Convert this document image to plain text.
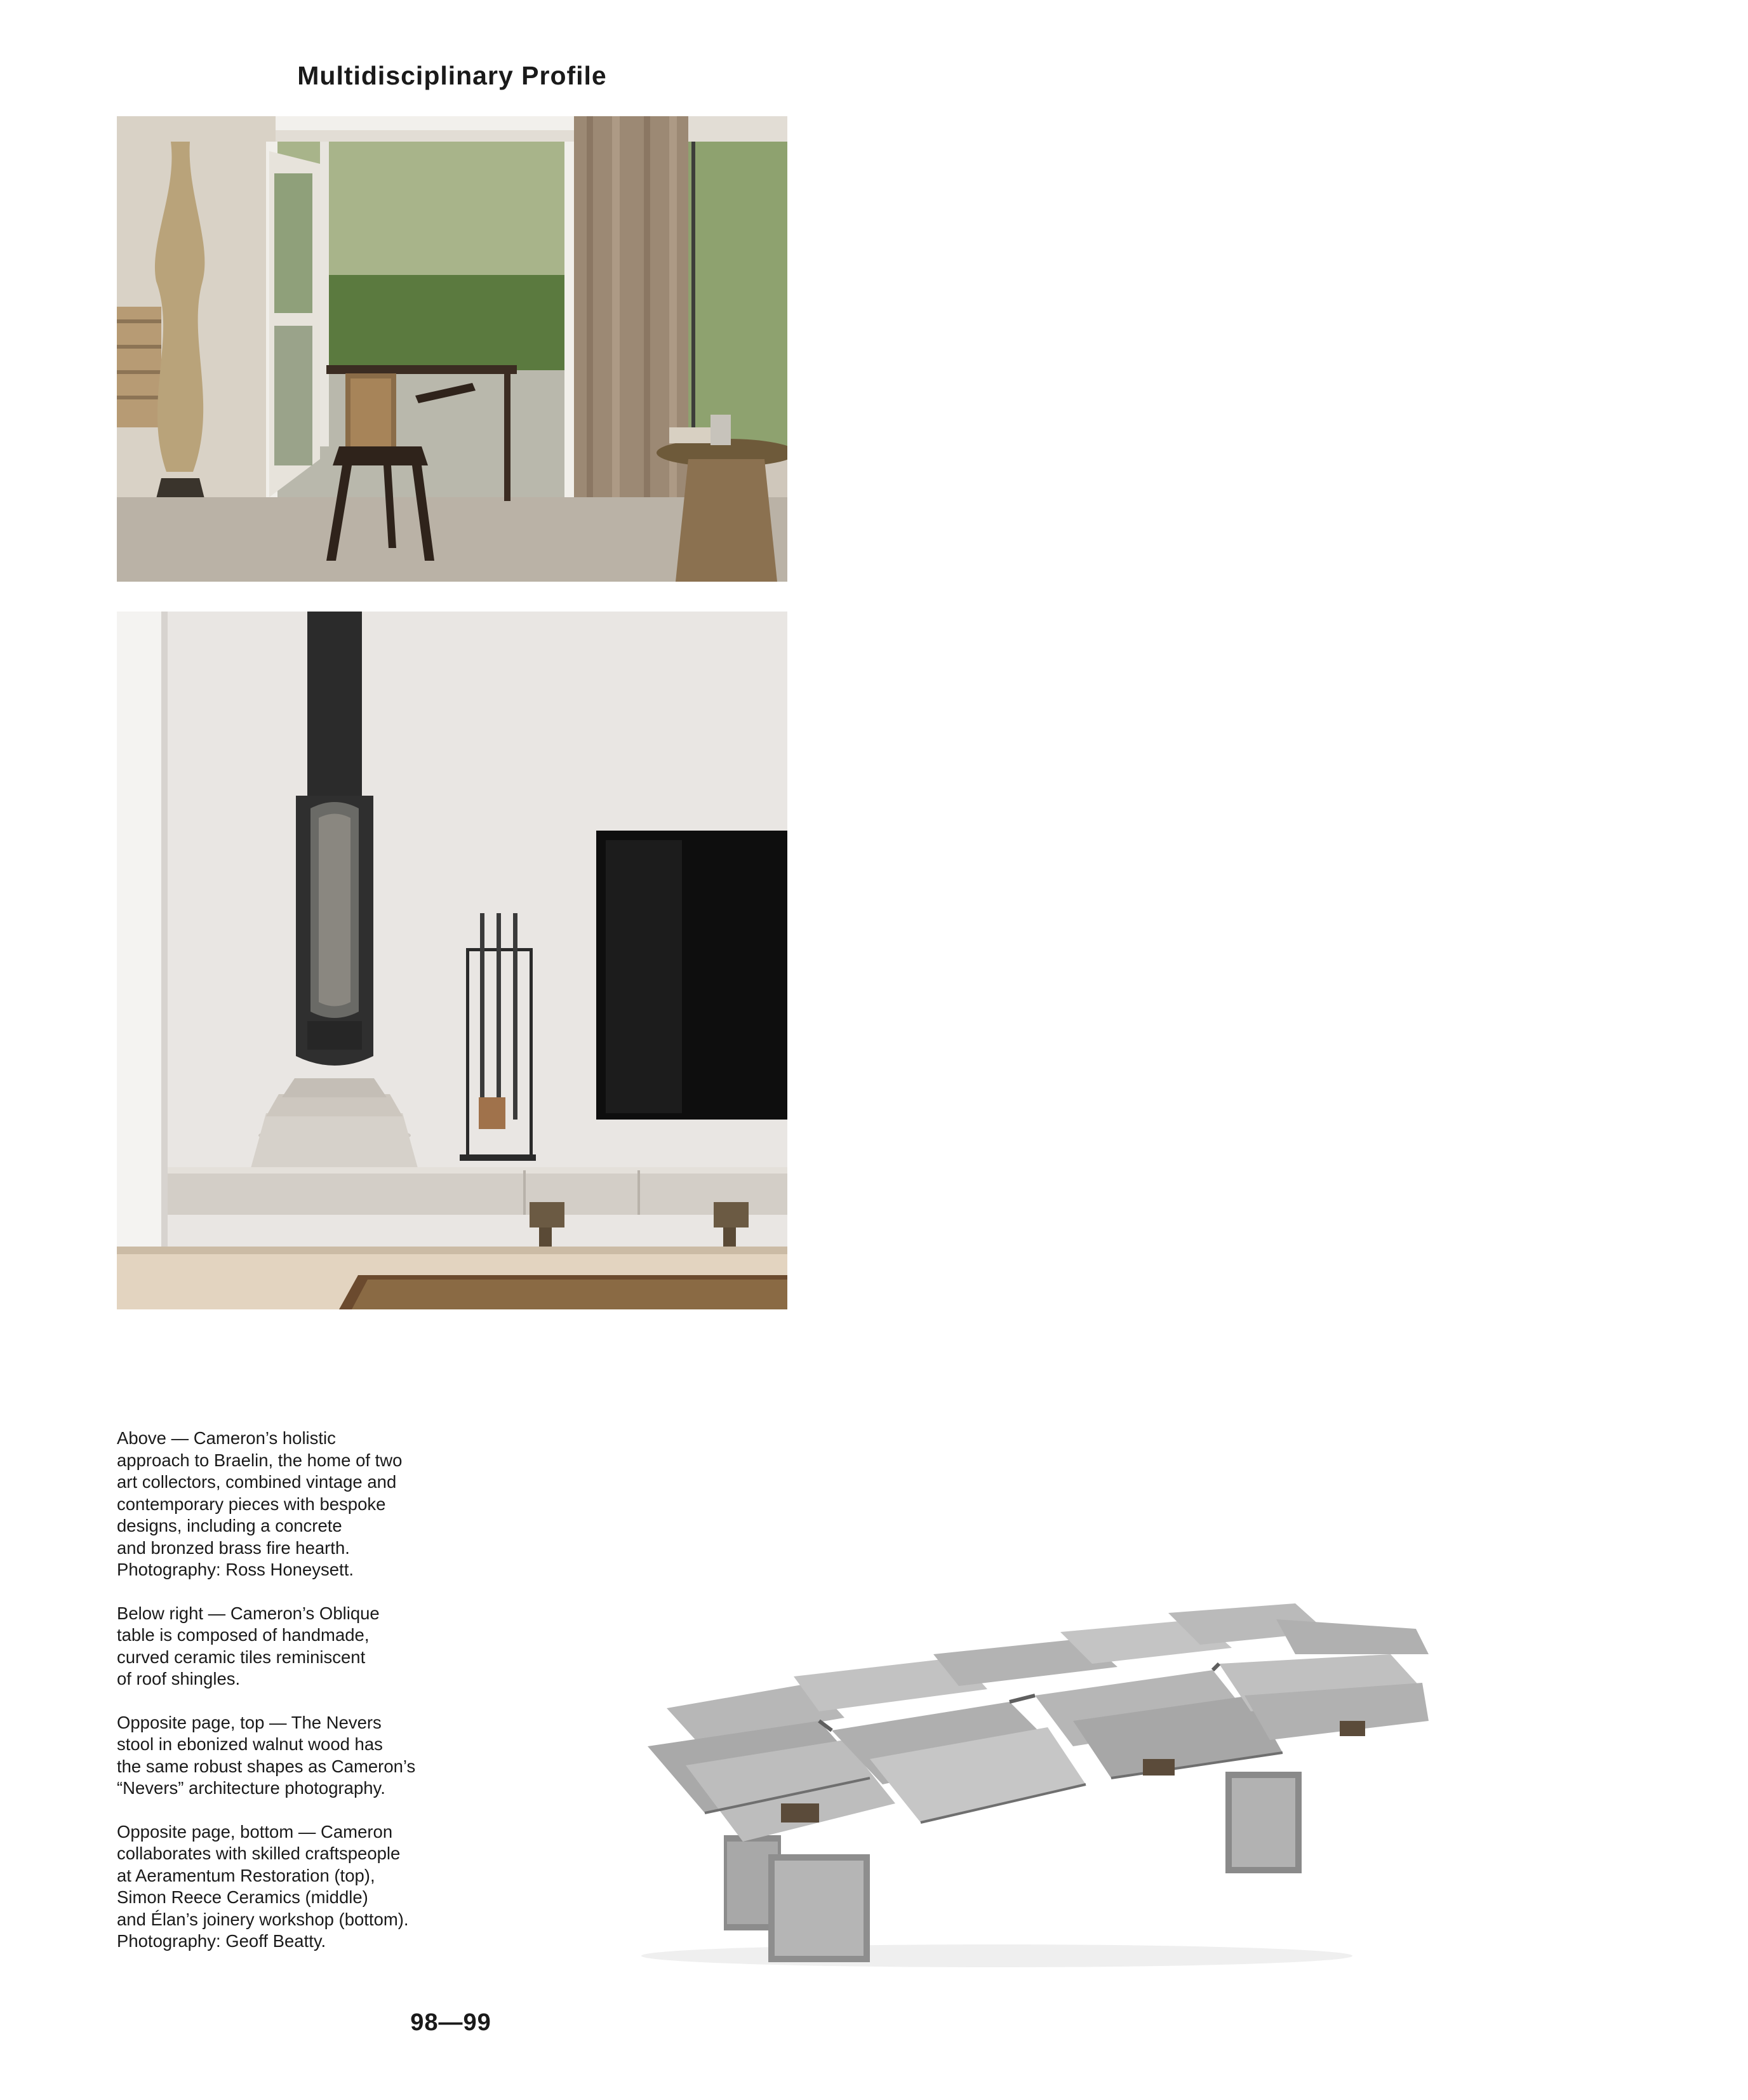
Multidisciplinary Profile

Above — Cameron’s holistic
approach to Braelin, the home of two
art collectors, combined vintage and
contemporary pieces with bespoke
designs, including a concrete
and bronzed brass fire hearth.
Photography: Ross Honeysett.

Below right — Cameron’s Oblique
table is composed of handmade,
curved ceramic tiles reminiscent
of roof shingles.

Opposite page, top — The Nevers
stool in ebonized walnut wood has
the same robust shapes as Cameron’s
“Nevers” architecture photography.

Opposite page, bottom — Cameron
collaborates with skilled craftspeople
at Aeramentum Restoration (top),
Simon Reece Ceramics (middle)
and Élan’s joinery workshop (bottom).
Photography: Geoff Beatty.

98—99
